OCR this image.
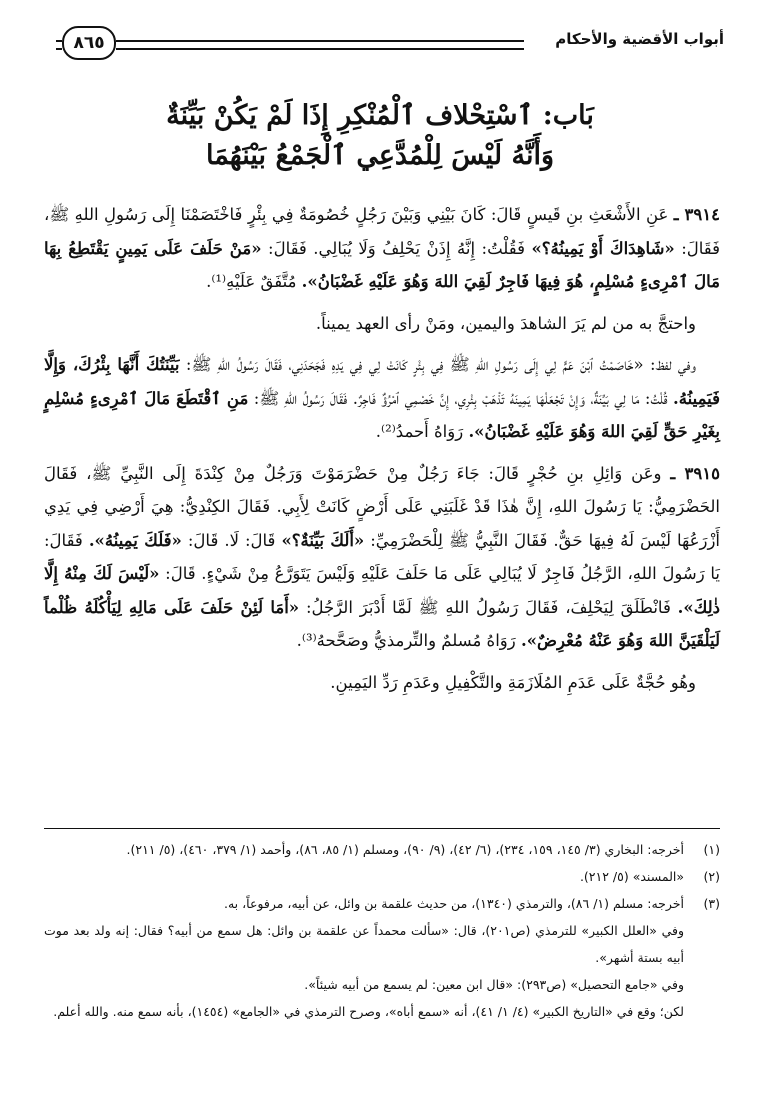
أبواب الأقضية والأحكام
٨٦٥
بَاب: ٱسْتِحْلاف ٱلْمُنْكِرِ إِذَا لَمْ يَكُنْ بَيِّنَةٌ
وَأَنَّهُ لَيْسَ لِلْمُدَّعِي ٱلْجَمْعُ بَيْنَهُمَا

٣٩١٤ ـ عَنِ الأَشْعَثِ بنِ قَيسٍ قَالَ: كَانَ بَيْنِي وَبَيْنَ رَجُلٍ خُصُومَةٌ فِي بِئْرٍ فَاخْتَصَمْنَا إِلَى رَسُولِ اللهِ ﷺ، فَقَالَ: «شَاهِدَاكَ أَوْ يَمِينُهُ؟» فَقُلْتُ: إِنَّهُ إِذَنْ يَحْلِفُ وَلَا يُبَالِي. فَقَالَ: «مَنْ حَلَفَ عَلَى يَمِينٍ يَقْتَطِعُ بِهَا مَالَ ٱمْرِىءٍ مُسْلِمٍ، هُوَ فِيهَا فَاجِرٌ لَقِيَ اللهَ وَهُوَ عَلَيْهِ غَضْبَانُ». مُتَّفَقٌ عَلَيْهِ⁽¹⁾.

واحتجَّ به من لم يَرَ الشاهدَ واليمين، ومَنْ رأى العهد يميناً.

وفي لفظ: «خَاصَمْتُ ٱبْنَ عَمٍّ لِي إِلَى رَسُولِ اللهِ ﷺ فِي بِئْرٍ كَانَتْ لِي فِي يَدِهِ فَجَحَدَنِي، فَقَالَ رَسُولُ اللهِ ﷺ: بَيِّنَتُكَ أَنَّهَا بِئْرُكَ، وَإِلَّا فَيَمِينُهُ. قُلْتُ: مَا لِي بَيِّنَةٌ، وَإِنْ تَجْعَلْهَا يَمِينَهُ تَذْهَبْ بِئْرِي، إِنَّ خَصْمِي ٱمْرُؤٌ فَاجِرٌ. فَقَالَ رَسُولُ اللهِ ﷺ: مَنِ ٱقْتَطَعَ مَالَ ٱمْرِىءٍ مُسْلِمٍ بِغَيْرِ حَقٍّ لَقِيَ اللهَ وَهُوَ عَلَيْهِ غَضْبَانُ». رَوَاهُ أَحمدُ⁽²⁾.

٣٩١٥ ـ وعَن وَائِلِ بنِ حُجْرٍ قَالَ: جَاءَ رَجُلٌ مِنْ حَضْرَمَوْتَ وَرَجُلٌ مِنْ كِنْدَةَ إِلَى النَّبِيِّ ﷺ، فَقَالَ الحَضْرَمِيُّ: يَا رَسُولَ اللهِ، إِنَّ هٰذَا قَدْ غَلَبَنِي عَلَى أَرْضٍ كَانَتْ لِأَبِي. فَقَالَ الكِنْدِيُّ: هِيَ أَرْضِي فِي يَدِي أَزْرَعُهَا لَيْسَ لَهُ فِيهَا حَقٌّ. فَقَالَ النَّبِيُّ ﷺ لِلْحَضْرَمِيِّ: «أَلَكَ بَيِّنَةٌ؟» قَالَ: لَا. قَالَ: «فَلَكَ يَمِينُهُ». فَقَالَ: يَا رَسُولَ اللهِ، الرَّجُلُ فَاجِرٌ لَا يُبَالِي عَلَى مَا حَلَفَ عَلَيْهِ وَلَيْسَ يَتَوَرَّعُ مِنْ شَيْءٍ. قَالَ: «لَيْسَ لَكَ مِنْهُ إِلَّا ذٰلِكَ». فَانْطَلَقَ لِيَحْلِفَ، فَقَالَ رَسُولُ اللهِ ﷺ لَمَّا أَدْبَرَ الرَّجُلُ: «أَمَا لَئِنْ حَلَفَ عَلَى مَالِهِ لِيَأْكُلَهُ ظُلْماً لَيَلْقَيَنَّ اللهَ وَهُوَ عَنْهُ مُعْرِضٌ». رَوَاهُ مُسلمٌ والتِّرمذيُّ وصَحَّحهُ⁽³⁾.

وهُو حُجَّةٌ عَلَى عَدَمِ المُلَازَمَةِ والتَّكْفِيلِ وعَدَمِ رَدِّ اليَمِينِ.

(١)
أخرجه: البخاري (٣/ ١٤٥، ١٥٩، ٢٣٤)، (٦/ ٤٢)، (٩/ ٩٠)، ومسلم (١/ ٨٥، ٨٦)، وأحمد (١/ ٣٧٩، ٤٦٠)، (٥/ ٢١١).
(٢)
«المسند» (٥/ ٢١٢).
(٣)
أخرجه: مسلم (١/ ٨٦)، والترمذي (١٣٤٠)، من حديث علقمة بن وائل، عن أبيه، مرفوعاً، به.
وفي «العلل الكبير» للترمذي (ص٢٠١)، قال: «سألت محمداً عن علقمة بن وائل: هل سمع من أبيه؟ فقال: إنه ولد بعد موت أبيه بستة أشهر».
وفي «جامع التحصيل» (ص٢٩٣): «قال ابن معين: لم يسمع من أبيه شيئاً».
لكن؛ وقع في «التاريخ الكبير» (٤/ ١/ ٤١)، أنه «سمع أباه»، وصرح الترمذي في «الجامع» (١٤٥٤)، بأنه سمع منه. والله أعلم.
